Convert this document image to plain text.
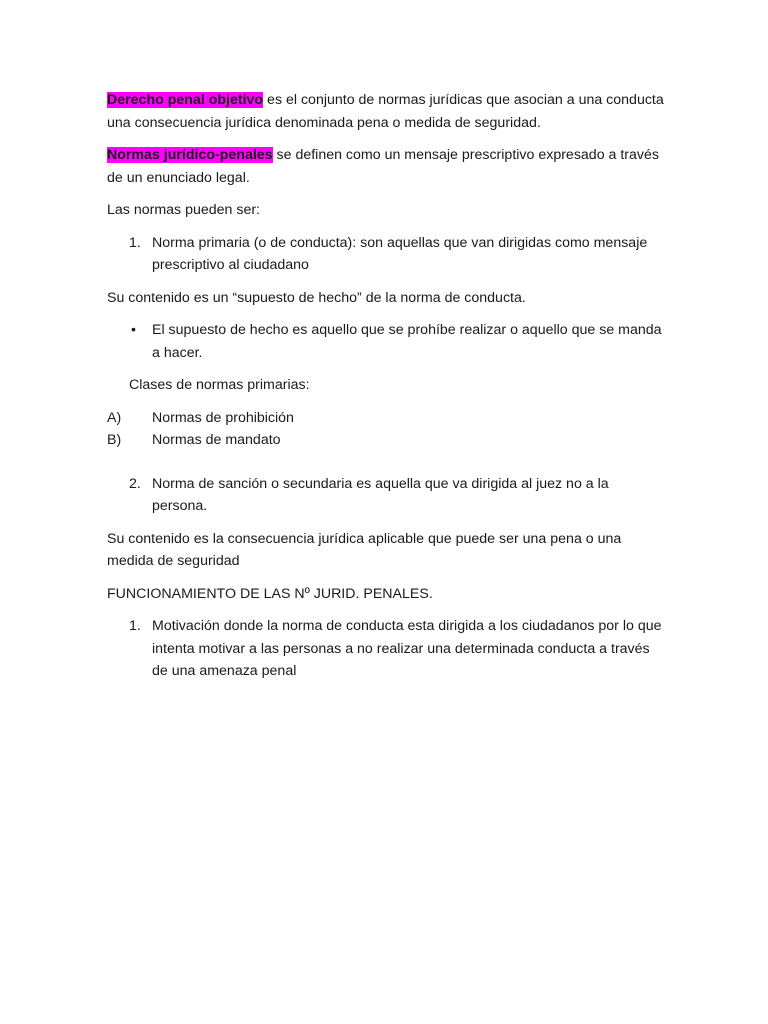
Derecho penal objetivo es el conjunto de normas jurídicas que asocian a una conducta una consecuencia jurídica denominada pena o medida de seguridad.

Normas jurídico-penales se definen como un mensaje prescriptivo expresado a través de un enunciado legal.

Las normas pueden ser:

1. Norma primaria (o de conducta): son aquellas que van dirigidas como mensaje prescriptivo al ciudadano

Su contenido es un “supuesto de hecho” de la norma de conducta.

•	El supuesto de hecho es aquello que se prohíbe realizar o aquello que se manda a hacer.

Clases de normas primarias:

A)	Normas de prohibición
B)	Normas de mandato
2. Norma de sanción o secundaria es aquella que va dirigida al juez no a la persona.

Su contenido es la consecuencia jurídica aplicable que puede ser una pena o una medida de seguridad

FUNCIONAMIENTO DE LAS Nº JURID. PENALES.

1. Motivación donde la norma de conducta esta dirigida a los ciudadanos por lo que intenta motivar a las personas a no realizar una determinada conducta a través de una amenaza penal
